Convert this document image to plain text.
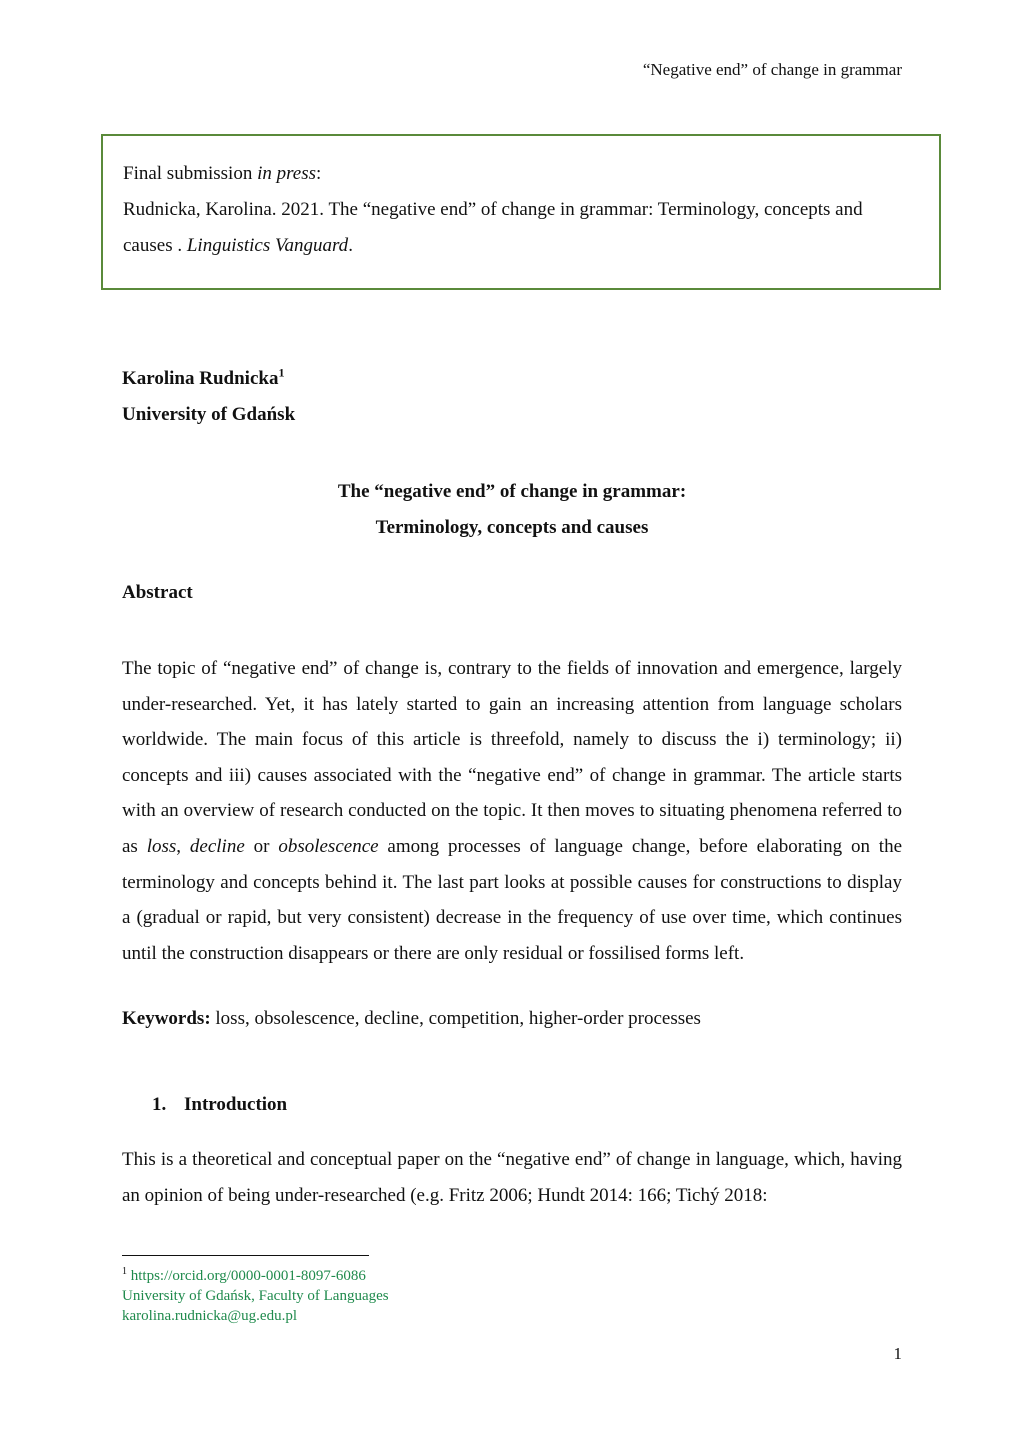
“Negative end” of change in grammar
Final submission in press:
Rudnicka, Karolina. 2021. The “negative end” of change in grammar: Terminology, concepts and causes . Linguistics Vanguard.
Karolina Rudnicka$^1$
University of Gdańsk
The “negative end” of change in grammar:
Terminology, concepts and causes
Abstract
The topic of “negative end” of change is, contrary to the fields of innovation and emergence, largely under-researched. Yet, it has lately started to gain an increasing attention from language scholars worldwide. The main focus of this article is threefold, namely to discuss the i) terminology; ii) concepts and iii) causes associated with the “negative end” of change in grammar. The article starts with an overview of research conducted on the topic. It then moves to situating phenomena referred to as loss, decline or obsolescence among processes of language change, before elaborating on the terminology and concepts behind it. The last part looks at possible causes for constructions to display a (gradual or rapid, but very consistent) decrease in the frequency of use over time, which continues until the construction disappears or there are only residual or fossilised forms left.
Keywords: loss, obsolescence, decline, competition, higher-order processes
1. Introduction
This is a theoretical and conceptual paper on the “negative end” of change in language, which, having an opinion of being under-researched (e.g. Fritz 2006; Hundt 2014: 166; Tichý 2018:
$^1$ https://orcid.org/0000-0001-8097-6086
University of Gdańsk, Faculty of Languages
karolina.rudnicka@ug.edu.pl
1
